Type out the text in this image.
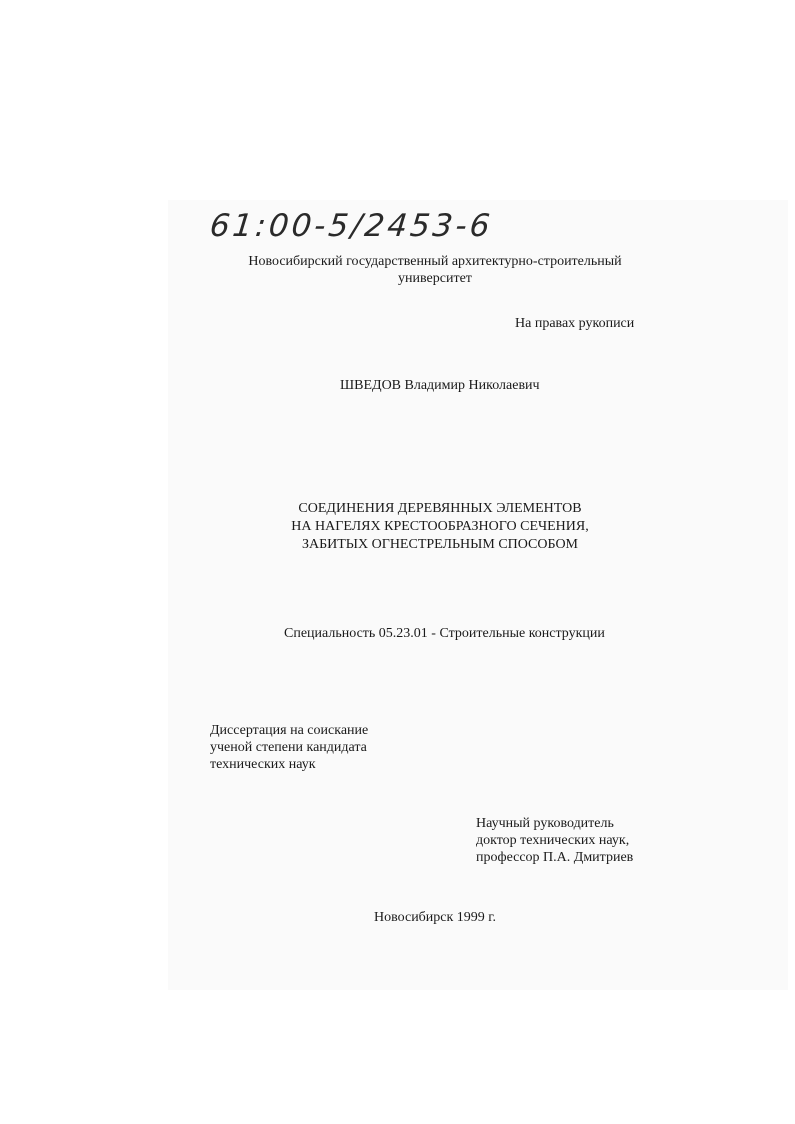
61:00-5/2453-6
Новосибирский государственный архитектурно-строительный
университет
На правах рукописи
ШВЕДОВ Владимир Николаевич
СОЕДИНЕНИЯ ДЕРЕВЯННЫХ ЭЛЕМЕНТОВ
НА НАГЕЛЯХ КРЕСТООБРАЗНОГО СЕЧЕНИЯ,
ЗАБИТЫХ ОГНЕСТРЕЛЬНЫМ СПОСОБОМ
Специальность 05.23.01 - Строительные конструкции
Диссертация на соискание
ученой степени кандидата
технических наук
Научный руководитель
доктор технических наук,
профессор П.А. Дмитриев
Новосибирск 1999 г.
